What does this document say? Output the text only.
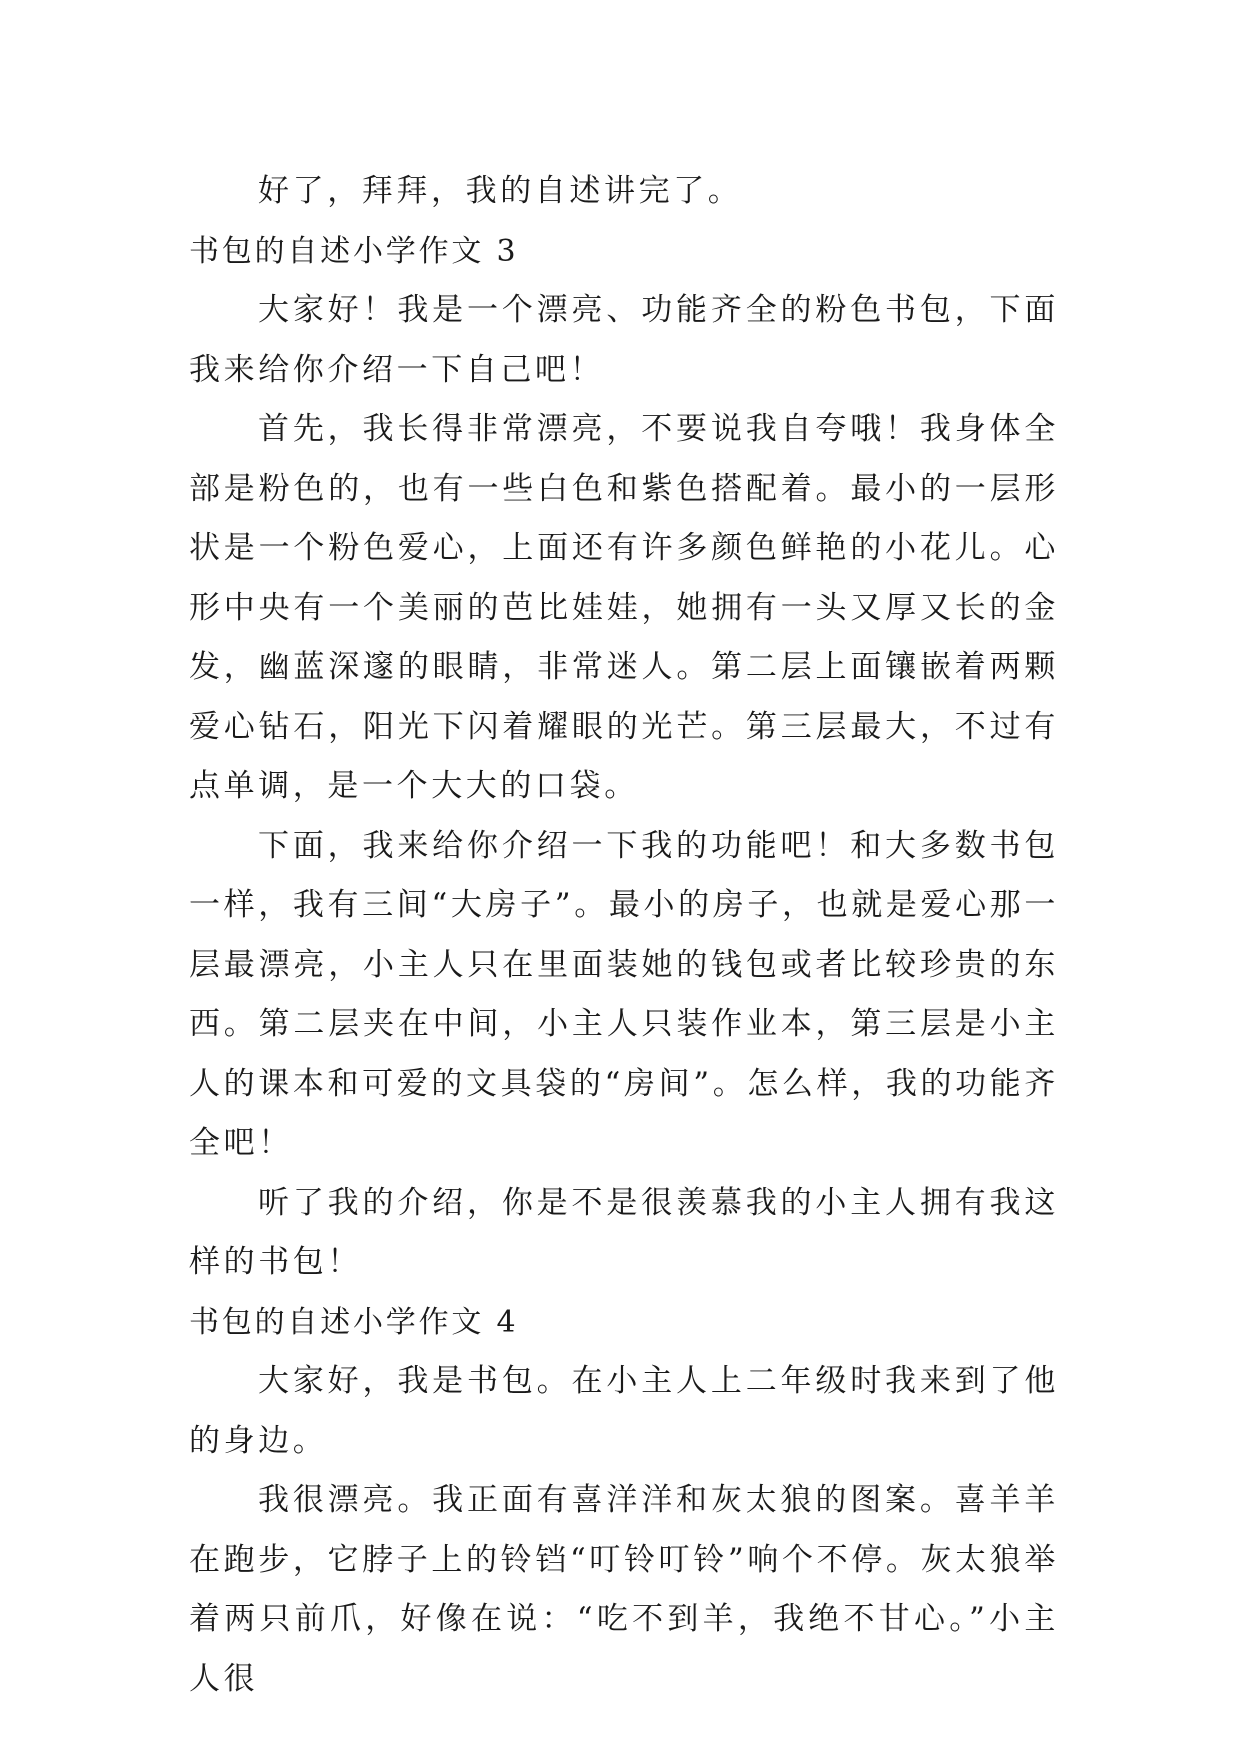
好了，拜拜，我的自述讲完了。

书包的自述小学作文 3

大家好！我是一个漂亮、功能齐全的粉色书包，下面我来给你介绍一下自己吧！

首先，我长得非常漂亮，不要说我自夸哦！我身体全部是粉色的，也有一些白色和紫色搭配着。最小的一层形状是一个粉色爱心，上面还有许多颜色鲜艳的小花儿。心形中央有一个美丽的芭比娃娃，她拥有一头又厚又长的金发，幽蓝深邃的眼睛，非常迷人。第二层上面镶嵌着两颗爱心钻石，阳光下闪着耀眼的光芒。第三层最大，不过有点单调，是一个大大的口袋。

下面，我来给你介绍一下我的功能吧！和大多数书包一样，我有三间“大房子”。最小的房子，也就是爱心那一层最漂亮，小主人只在里面装她的钱包或者比较珍贵的东西。第二层夹在中间，小主人只装作业本，第三层是小主人的课本和可爱的文具袋的“房间”。怎么样，我的功能齐全吧！

听了我的介绍，你是不是很羡慕我的小主人拥有我这样的书包！

书包的自述小学作文 4

大家好，我是书包。在小主人上二年级时我来到了他的身边。

我很漂亮。我正面有喜洋洋和灰太狼的图案。喜羊羊在跑步，它脖子上的铃铛“叮铃叮铃”响个不停。灰太狼举着两只前爪，好像在说：“吃不到羊，我绝不甘心。”小主人很
